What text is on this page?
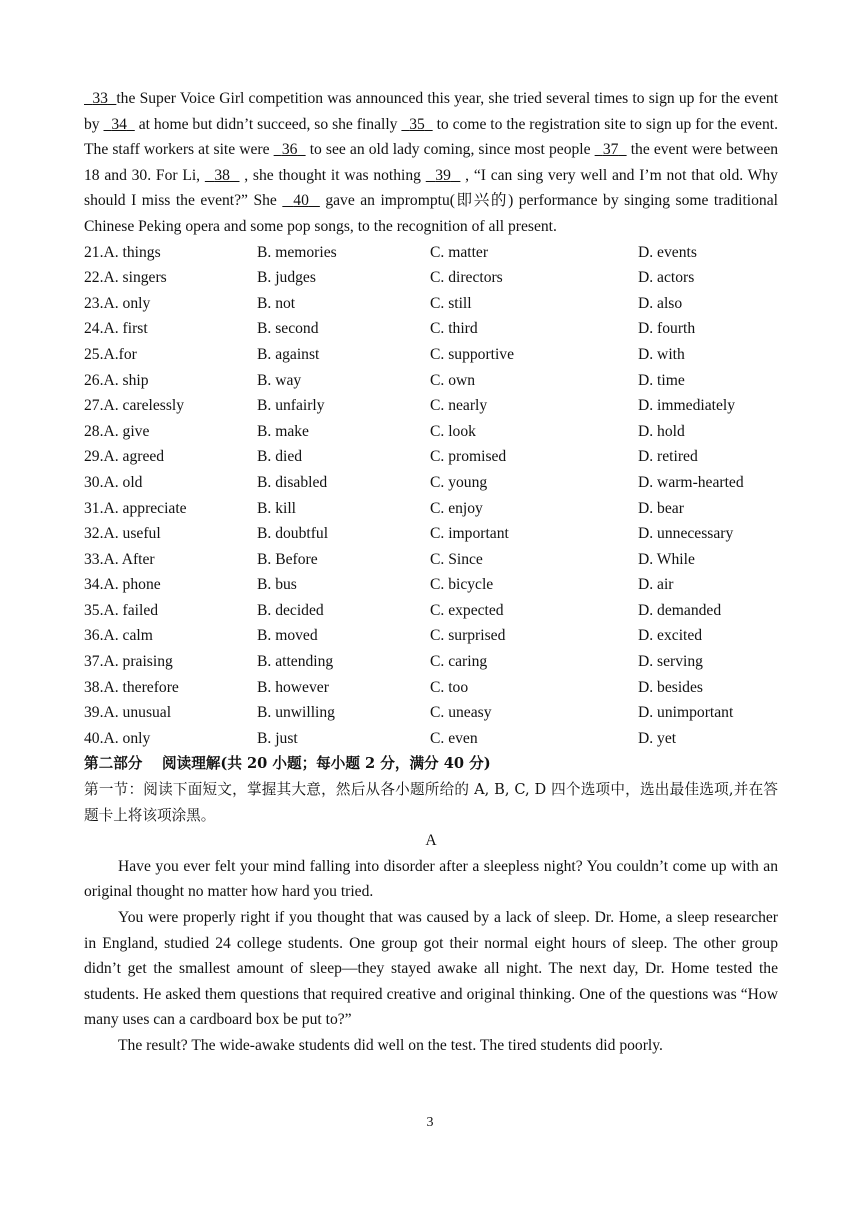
33 the Super Voice Girl competition was announced this year, she tried several times to sign up for the event by 34 at home but didn’t succeed, so she finally 35 to come to the registration site to sign up for the event. The staff workers at site were 36 to see an old lady coming, since most people 37 the event were between 18 and 30. For Li, 38 , she thought it was nothing 39 , “I can sing very well and I’m not that old. Why should I miss the event?” She 40 gave an impromptu(即兴的) performance by singing some traditional Chinese Peking opera and some pop songs, to the recognition of all present.

21.A. things	B. memories	C. matter	D. events
22.A. singers	B. judges	C. directors	D. actors
23.A. only	B. not	C. still	D. also
24.A. first	B. second	C. third	D. fourth
25.A.for	B. against	C. supportive	D. with
26.A. ship	B. way	C. own	D. time
27.A. carelessly	B. unfairly	C. nearly	D. immediately
28.A. give	B. make	C. look	D. hold
29.A. agreed	B. died	C. promised	D. retired
30.A. old	B. disabled	C. young	D. warm-hearted
31.A. appreciate	B. kill	C. enjoy	D. bear
32.A. useful	B. doubtful	C. important	D. unnecessary
33.A. After	B. Before	C. Since	D. While
34.A. phone	B. bus	C. bicycle	D. air
35.A. failed	B. decided	C. expected	D. demanded
36.A. calm	B. moved	C. surprised	D. excited
37.A. praising	B. attending	C. caring	D. serving
38.A. therefore	B. however	C. too	D. besides
39.A. unusual	B. unwilling	C. uneasy	D. unimportant
40.A. only	B. just	C. even	D. yet

第二部分　 阅读理解(共 20 小题；每小题 2 分，满分 40 分)

第一节：阅读下面短文，掌握其大意，然后从各小题所给的 A, B, C, D 四个选项中，选出最佳选项,并在答题卡上将该项涂黑。

A

Have you ever felt your mind falling into disorder after a sleepless night? You couldn’t come up with an original thought no matter how hard you tried.

You were properly right if you thought that was caused by a lack of sleep. Dr. Home, a sleep researcher in England, studied 24 college students. One group got their normal eight hours of sleep. The other group didn’t get the smallest amount of sleep—they stayed awake all night. The next day, Dr. Home tested the students. He asked them questions that required creative and original thinking. One of the questions was “How many uses can a cardboard box be put to?”

The result? The wide-awake students did well on the test. The tired students did poorly.

3
